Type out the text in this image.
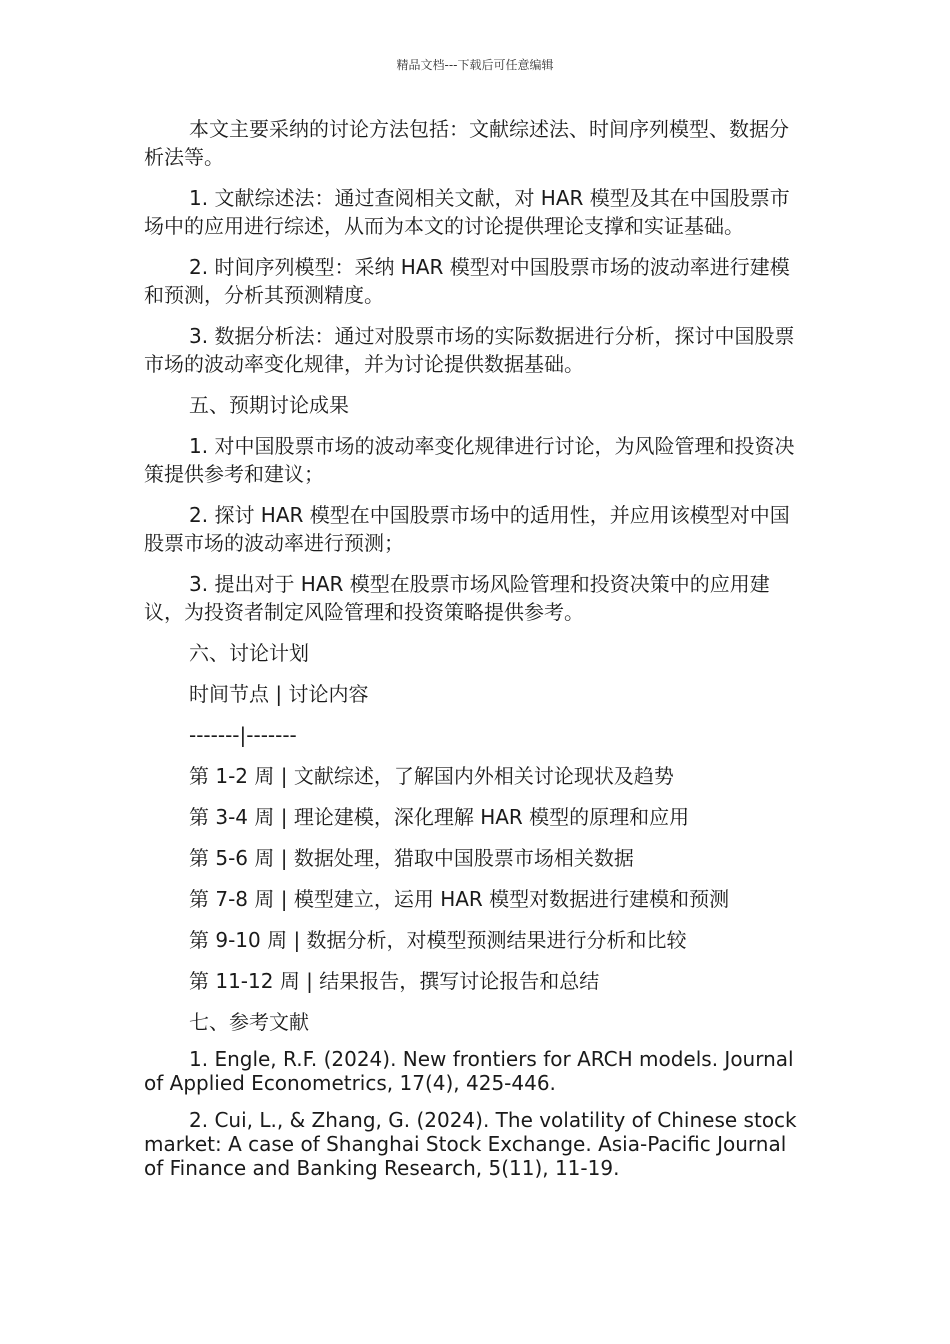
精品文档---下载后可任意编辑

本文主要采纳的讨论方法包括：文献综述法、时间序列模型、数据分析法等。

1. 文献综述法：通过查阅相关文献，对 HAR 模型及其在中国股票市场中的应用进行综述，从而为本文的讨论提供理论支撑和实证基础。

2. 时间序列模型：采纳 HAR 模型对中国股票市场的波动率进行建模和预测，分析其预测精度。

3. 数据分析法：通过对股票市场的实际数据进行分析，探讨中国股票市场的波动率变化规律，并为讨论提供数据基础。

五、预期讨论成果

1. 对中国股票市场的波动率变化规律进行讨论，为风险管理和投资决策提供参考和建议；

2. 探讨 HAR 模型在中国股票市场中的适用性，并应用该模型对中国股票市场的波动率进行预测；

3. 提出对于 HAR 模型在股票市场风险管理和投资决策中的应用建议，为投资者制定风险管理和投资策略提供参考。

六、讨论计划

时间节点 | 讨论内容

-------|-------

第 1-2 周 | 文献综述，了解国内外相关讨论现状及趋势

第 3-4 周 | 理论建模，深化理解 HAR 模型的原理和应用

第 5-6 周 | 数据处理，猎取中国股票市场相关数据

第 7-8 周 | 模型建立，运用 HAR 模型对数据进行建模和预测

第 9-10 周 | 数据分析，对模型预测结果进行分析和比较

第 11-12 周 | 结果报告，撰写讨论报告和总结

七、参考文献

1. Engle, R.F. (2024). New frontiers for ARCH models. Journal of Applied Econometrics, 17(4), 425-446.

2. Cui, L., & Zhang, G. (2024). The volatility of Chinese stock market: A case of Shanghai Stock Exchange. Asia-Pacific Journal of Finance and Banking Research, 5(11), 11-19.
